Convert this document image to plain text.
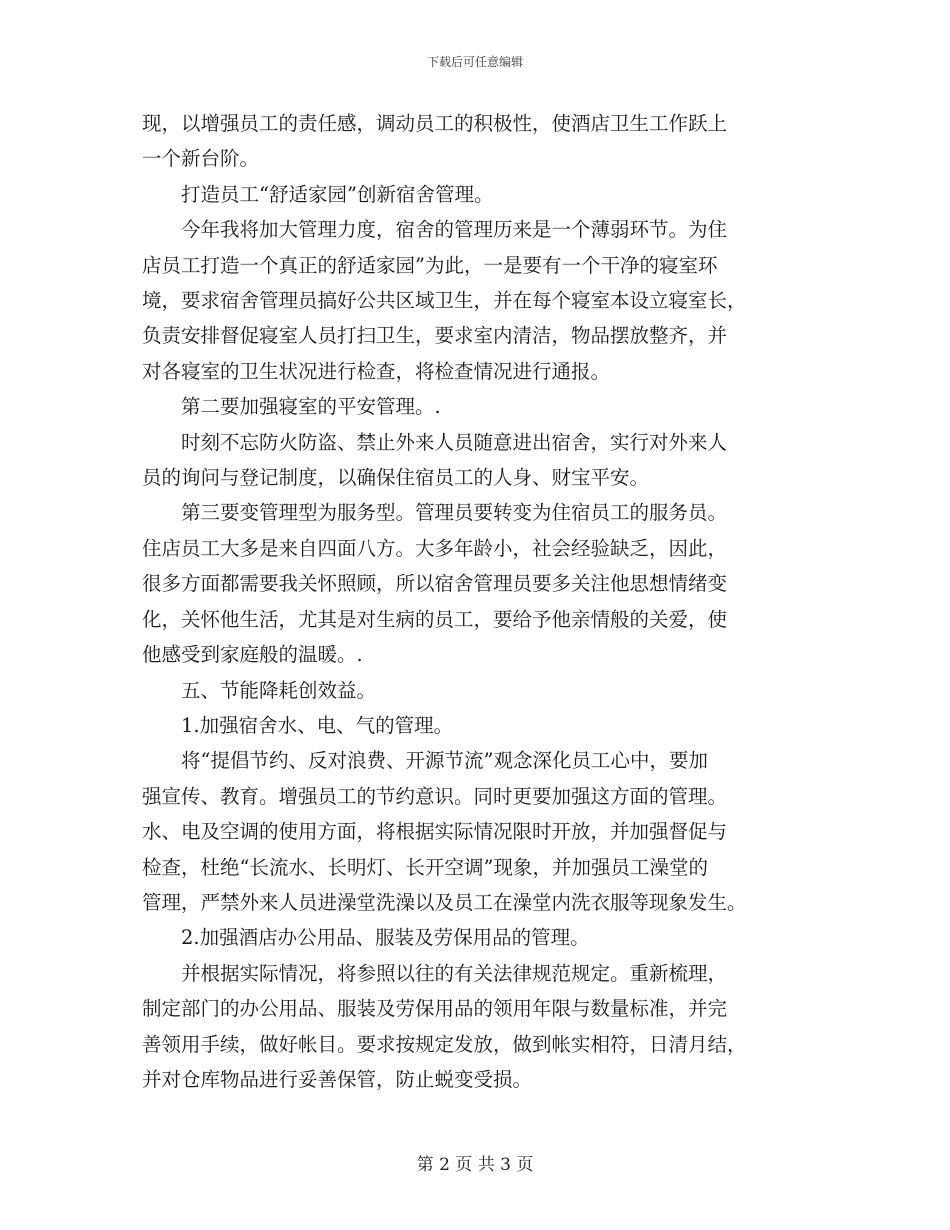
下载后可任意编辑

现，以增强员工的责任感，调动员工的积极性，使酒店卫生工作跃上
一个新台阶。

　　打造员工“舒适家园”创新宿舍管理。

　　今年我将加大管理力度，宿舍的管理历来是一个薄弱环节。为住
店员工打造一个真正的舒适家园”为此，一是要有一个干净的寝室环
境，要求宿舍管理员搞好公共区域卫生，并在每个寝室本设立寝室长，
负责安排督促寝室人员打扫卫生，要求室内清洁，物品摆放整齐，并
对各寝室的卫生状况进行检查，将检查情况进行通报。

　　第二要加强寝室的平安管理。.

　　时刻不忘防火防盗、禁止外来人员随意进出宿舍，实行对外来人
员的询问与登记制度，以确保住宿员工的人身、财宝平安。

　　第三要变管理型为服务型。管理员要转变为住宿员工的服务员。
住店员工大多是来自四面八方。大多年龄小，社会经验缺乏，因此，
很多方面都需要我关怀照顾，所以宿舍管理员要多关注他思想情绪变
化，关怀他生活，尤其是对生病的员工，要给予他亲情般的关爱，使
他感受到家庭般的温暖。.

　　五、节能降耗创效益。

　　1.加强宿舍水、电、气的管理。

　　将“提倡节约、反对浪费、开源节流”观念深化员工心中，要加
强宣传、教育。增强员工的节约意识。同时更要加强这方面的管理。
水、电及空调的使用方面，将根据实际情况限时开放，并加强督促与
检查，杜绝“长流水、长明灯、长开空调”现象，并加强员工澡堂的
管理，严禁外来人员进澡堂洗澡以及员工在澡堂内洗衣服等现象发生。

　　2.加强酒店办公用品、服装及劳保用品的管理。

　　并根据实际情况，将参照以往的有关法律规范规定。重新梳理，
制定部门的办公用品、服装及劳保用品的领用年限与数量标准，并完
善领用手续，做好帐目。要求按规定发放，做到帐实相符，日清月结，
并对仓库物品进行妥善保管，防止蜕变受损。

第 2 页 共 3 页
